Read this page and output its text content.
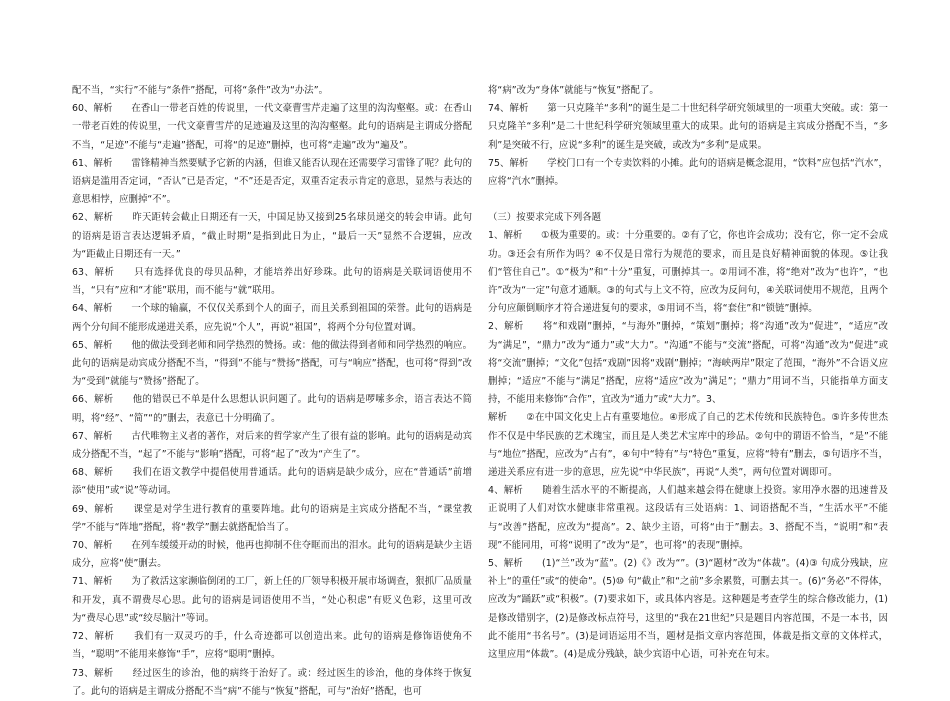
配不当，“实行”不能与“条件”搭配，可将“条件”改为“办法”。

60、解析　　在香山一带老百姓的传说里，一代文豪曹雪芹走遍了这里的沟沟壑壑。或：在香山一带老百姓的传说里，一代文豪曹雪芹的足迹遍及这里的沟沟壑壑。此句的语病是主谓成分搭配不当，“足迹”不能与“走遍”搭配，可将“的足迹”删掉，也可将“走遍”改为“遍及”。

61、解析　　雷锋精神当然要赋予它新的内涵，但谁又能否认现在还需要学习雷锋了呢？此句的语病是滥用否定词，“否认”已是否定，“不”还是否定，双重否定表示肯定的意思，显然与表达的意思相悖，应删掉“不”。

62、解析　　昨天距转会截止日期还有一天，中国足协又接到25名球员递交的转会申请。此句的语病是语言表达逻辑矛盾，“截止时期”是指到此日为止，“最后一天”显然不合逻辑，应改为“距截止日期还有一天。”

63、解析　　只有选择优良的母贝品种，才能培养出好珍珠。此句的语病是关联词语使用不当，“只有”应和“才能”联用，而不能与“就”联用。

64、解析　　一个球的输赢，不仅仅关系到个人的面子，而且关系到祖国的荣誉。此句的语病是两个分句间不能形成递进关系，应先说“个人”，再说“祖国”，将两个分句位置对调。

65、解析　　他的做法受到老师和同学热烈的赞扬。或：他的做法得到者师和同学热烈的响应。此句的语病是动宾成分搭配不当，“得到”不能与“赞扬”搭配，可与“响应”搭配，也可将“得到”改为“受到”就能与“赞扬”搭配了。

66、解析　　他的错误已不单是什么思想认识问题了。此句的语病是啰嗦多余，语言表达不简明，将“经”、“简”“的”删去，表意已十分明确了。

67、解析　　古代唯物主义者的著作，对后来的哲学家产生了很有益的影响。此句的语病是动宾成分搭配不当，“起了”不能与“影响”搭配，可将“起了”改为“产生了”。

68、解析　　我们在语文教学中提倡使用普通话。此句的语病是缺少成分，应在“普通话”前增添“使用”或“说”等动词。

69、解析　　课堂是对学生进行教育的重要阵地。此句的语病是主宾成分搭配不当，“课堂教学”不能与“阵地”搭配，将“教学”删去就搭配恰当了。

70、解析　　在列车缓缓开动的时候，他再也抑制不住夺眶而出的泪水。此句的语病是缺少主语成分，应将“使”删去。

71、解析　　为了救活这家濒临倒闭的工厂，新上任的厂领导积极开展市场调查，狠抓厂品质量和开发，真不谓费尽心思。此句的语病是词语使用不当，“处心积虑”有贬义色彩，这里可改为“费尽心思”或“绞尽脑汁”等词。

72、解析　　我们有一双灵巧的手，什么奇迹都可以创造出来。此句的语病是修饰语使角不当，“聪明”不能用来修饰“手”，应将“聪明”删掉。

73、解析　　经过医生的诊治，他的病终于治好了。或：经过医生的诊治，他的身体终于恢复了。此句的语病是主谓成分搭配不当“病”不能与“恢复”搭配，可与“治好”搭配，也可

将“病”改为“身体”就能与“恢复”搭配了。

74、解析　　第一只克隆羊“多利”的诞生是二十世纪科学研究领域里的一项重大突破。或：第一只克隆羊“多利”是二十世纪科学研究领域里重大的成果。此句的语病是主宾成分搭配不当，“多利”是突破不行，应说“多利”的诞生是突破，或改为“多利”是成果。

75、解析　　学校门口有一个专卖饮料的小摊。此句的语病是概念混用，“饮料”应包括“汽水”，应将“汽水”删掉。

（三）按要求完成下列各题

1、解析　　①极为重要的。或：十分重要的。②有了它，你也许会成功；没有它，你一定不会成功。③还会有所作为吗？④不仅是日常行为规范的要求，而且是良好精神面貌的体现。⑤让我们“管住自己”。①“极为”和“十分”重复，可删掉其一。②用词不准，将“绝对”改为“也许”，“也许”改为“一定”句意才通顺。③的句式与上文不符，应改为反问句，④关联词使用不规范，且两个分句应颠倒顺序才符合递进复句的要求，⑤用词不当，将“套住”和“锁链”删掉。

2、解析　　将“和戏剧”删掉，“与海外”删掉，“策划”删掉；将“沟通”改为“促进”，“适应”改为“满足”，“鼎力”改为“通力”或“大力”。“沟通”不能与“交流”搭配，可将“沟通”改为“促进”或将“交流”删掉；“文化”包括“戏剧”因将“戏剧”删掉；“海峡两岸”限定了范围，“海外”不合语义应删掉；“适应”不能与“满足”搭配，应将“适应”改为“满足”；“鼎力”用词不当，只能指单方面支持，不能用来修饰“合作”，宜改为“通力”或“大力”。3、

解析　　②在中国文化史上占有重要地位。④形成了自己的艺术传统和民族特色。⑤许多传世杰作不仅是中华民族的艺术瑰宝，而且是人类艺术宝库中的珍品。②句中的谓语不恰当，“是”不能与“地位”搭配，应改为“占有”，④句中“特有”与“特色”重复，应将“特有”删去，⑤句语序不当，递进关系应有进一步的意思，应先说“中华民族”，再说“人类”，两句位置对调即可。

4、解析　　随着生活水平的不断提高，人们越来越会得在健康上投资。家用净水器的迅速普及正说明了人们对饮水健康非常重视。这段话有三处语病：1、词语搭配不当，“生活水平”不能与“改善”搭配，应改为“提高”。2、缺少主语，可将“由于”删去。3、搭配不当，“说明”和“表现”不能同用，可将“说明了”改为“是”，也可将“的表现”删掉。

5、解析　　(1)“兰”改为“蓝”。(2)《》改为“”。(3)“题材”改为“体裁”。(4)③ 句成分残缺，应补上“的重任”或“的使命”。(5)⑩ 句“截止”和“之前”多余累赘，可删去其一。(6)“务必”不得体，应改为“踊跃”或“积极”。(7)要求如下，或具体内容是。这种题是考查学生的综合修改能力，(1)是修改错别字，(2)是修改标点符号，这里的“我在21世纪”只是题目内容范围，不是一本书，因此不能用“书名号”。(3)是词语运用不当，题材是指文章内容范围，体裁是指文章的文体样式，这里应用“体裁”。(4)是成分残缺，缺少宾语中心语，可补充在句末。
